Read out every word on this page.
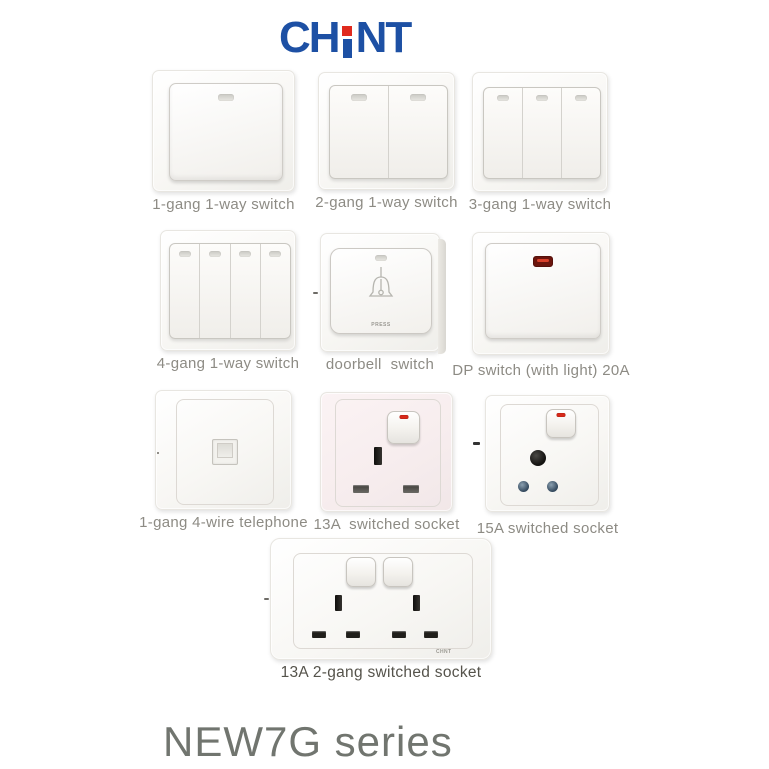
CH NT
1-gang 1-way switch 2-gang 1-way switch 3-gang 1-way switch
4-gang 1-way switch
PRESS
doorbell  switch DP switch (with light) 20A
1-gang 4-wire telephone 13A  switched socket 15A switched socket
CHNT
13A 2-gang switched socket
NEW7G series
